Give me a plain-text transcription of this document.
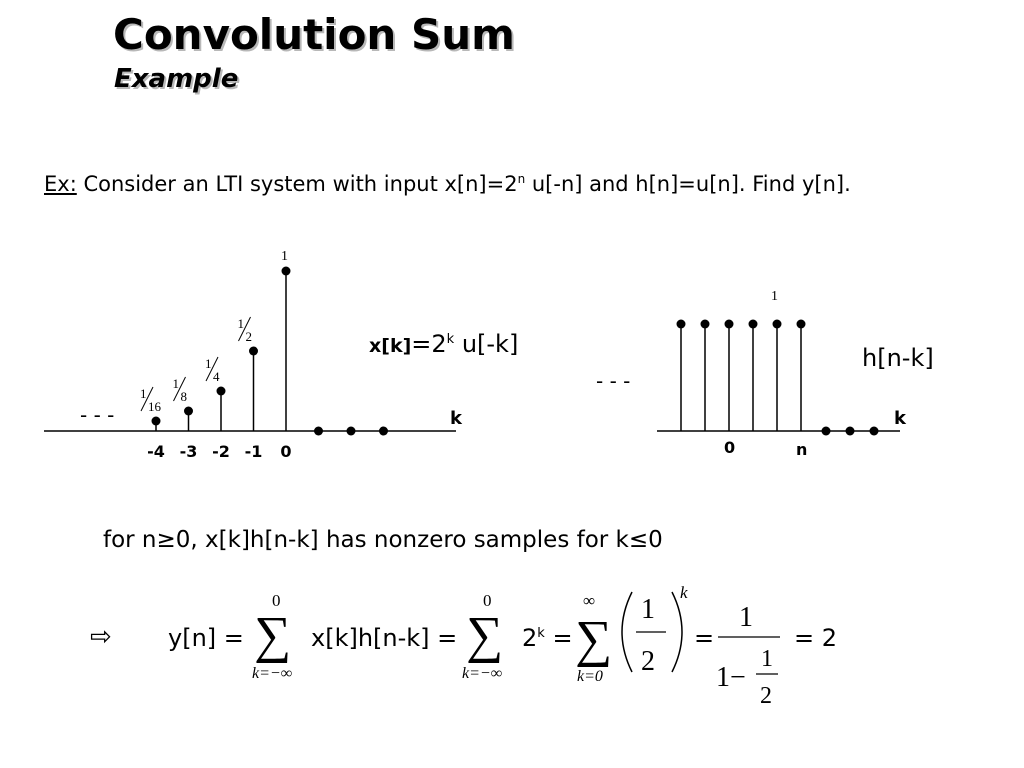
Convolution Sum
Example
Ex: Consider an LTI system with input $x[n]=2^n$ u[-n] and h[n]=u[n]. Find y[n].
- - -	k
-4 -3 -2 -1 0
1
1
16
1
8
1
4
1
2
- - -
k
0	n
1
0
∑
k=−∞
0
∑
k=−∞
∞
∑
k=0
1
2
k
1
1−
1
2
$x[k]=2^k$ u[-k]	h[n-k]
for n≥0, x[k]h[n-k] has nonzero samples for k≤0
⇨ y[n] =	x[k]h[n-k] =	$2^k$ =	=	= 2
